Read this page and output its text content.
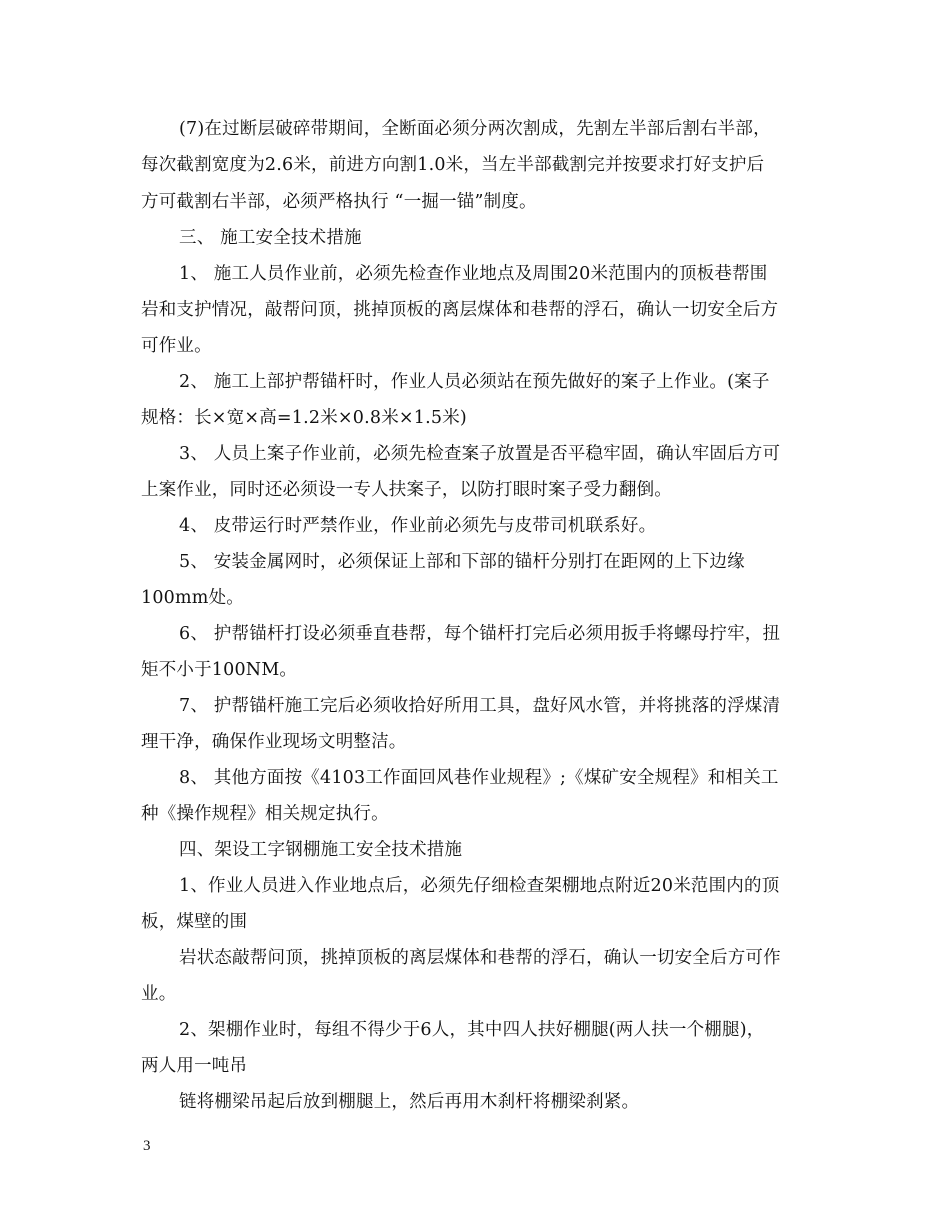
(7)在过断层破碎带期间，全断面必须分两次割成，先割左半部后割右半部，
每次截割宽度为2.6米，前进方向割1.0米，当左半部截割完并按要求打好支护后
方可截割右半部，必须严格执行 “一掘一锚”制度。
三、 施工安全技术措施
1、 施工人员作业前，必须先检查作业地点及周围20米范围内的顶板巷帮围
岩和支护情况，敲帮问顶，挑掉顶板的离层煤体和巷帮的浮石，确认一切安全后方
可作业。
2、 施工上部护帮锚杆时，作业人员必须站在预先做好的案子上作业。(案子
规格：长×宽×高=1.2米×0.8米×1.5米)
3、 人员上案子作业前，必须先检查案子放置是否平稳牢固，确认牢固后方可
上案作业，同时还必须设一专人扶案子，以防打眼时案子受力翻倒。
4、 皮带运行时严禁作业，作业前必须先与皮带司机联系好。
5、 安装金属网时，必须保证上部和下部的锚杆分别打在距网的上下边缘
100mm处。
6、 护帮锚杆打设必须垂直巷帮，每个锚杆打完后必须用扳手将螺母拧牢，扭
矩不小于100NM。
7、 护帮锚杆施工完后必须收拾好所用工具，盘好风水管，并将挑落的浮煤清
理干净，确保作业现场文明整洁。
8、 其他方面按《4103工作面回风巷作业规程》;《煤矿安全规程》和相关工
种《操作规程》相关规定执行。
四、架设工字钢棚施工安全技术措施
1、作业人员进入作业地点后，必须先仔细检查架棚地点附近20米范围内的顶
板，煤壁的围
岩状态敲帮问顶，挑掉顶板的离层煤体和巷帮的浮石，确认一切安全后方可作
业。
2、架棚作业时，每组不得少于6人，其中四人扶好棚腿(两人扶一个棚腿)，
两人用一吨吊
链将棚梁吊起后放到棚腿上，然后再用木刹杆将棚梁刹紧。
3
